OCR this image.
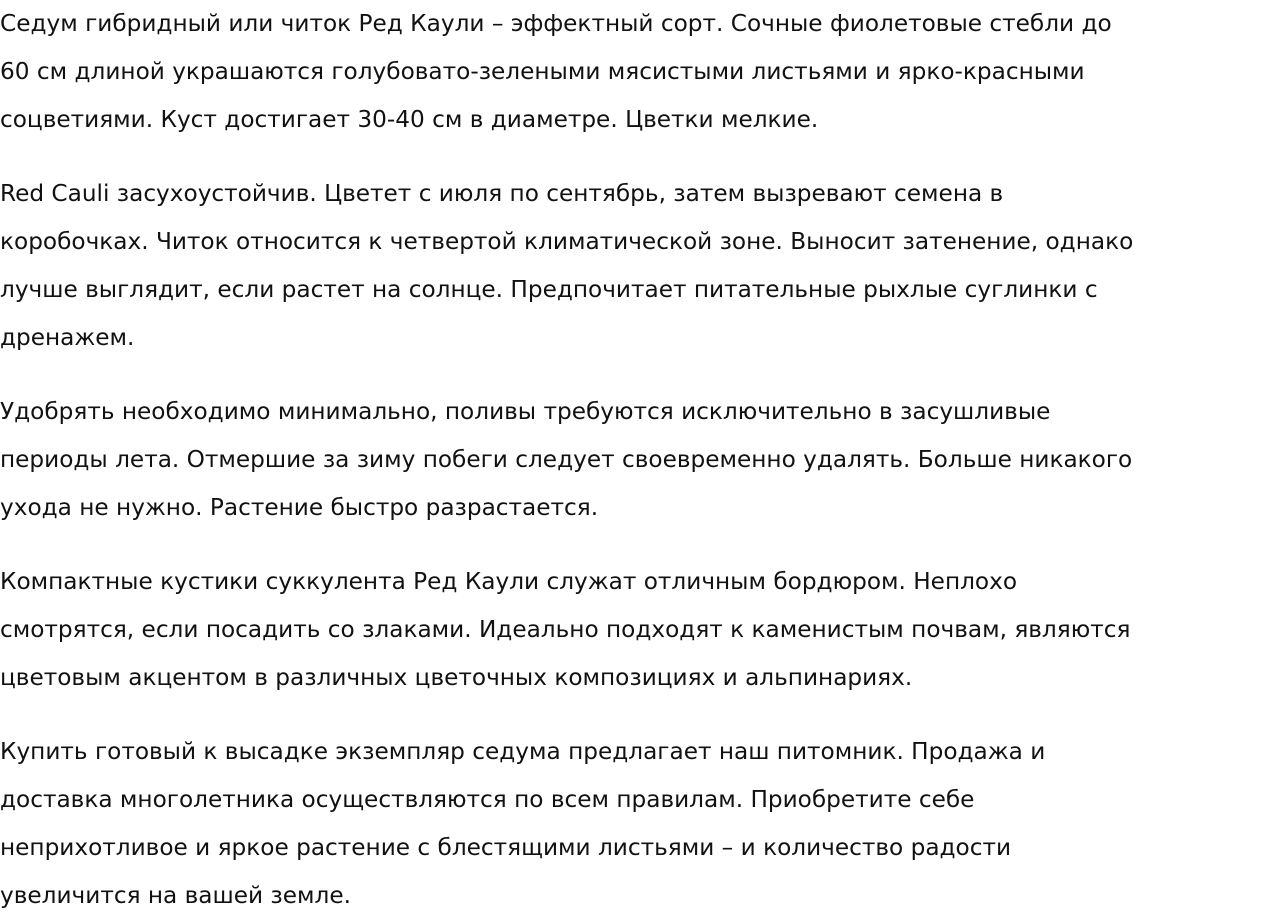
Седум гибридный или читок Ред Каули – эффектный сорт. Сочные фиолетовые стебли до
60 см длиной украшаются голубовато-зелеными мясистыми листьями и ярко-красными
соцветиями. Куст достигает 30-40 см в диаметре. Цветки мелкие.

Red Cauli засухоустойчив. Цветет с июля по сентябрь, затем вызревают семена в
коробочках. Читок относится к четвертой климатической зоне. Выносит затенение, однако
лучше выглядит, если растет на солнце. Предпочитает питательные рыхлые суглинки с
дренажем.

Удобрять необходимо минимально, поливы требуются исключительно в засушливые
периоды лета. Отмершие за зиму побеги следует своевременно удалять. Больше никакого
ухода не нужно. Растение быстро разрастается.

Компактные кустики суккулента Ред Каули служат отличным бордюром. Неплохо
смотрятся, если посадить со злаками. Идеально подходят к каменистым почвам, являются
цветовым акцентом в различных цветочных композициях и альпинариях.

Купить готовый к высадке экземпляр седума предлагает наш питомник. Продажа и
доставка многолетника осуществляются по всем правилам. Приобретите себе
неприхотливое и яркое растение с блестящими листьями – и количество радости
увеличится на вашей земле.
